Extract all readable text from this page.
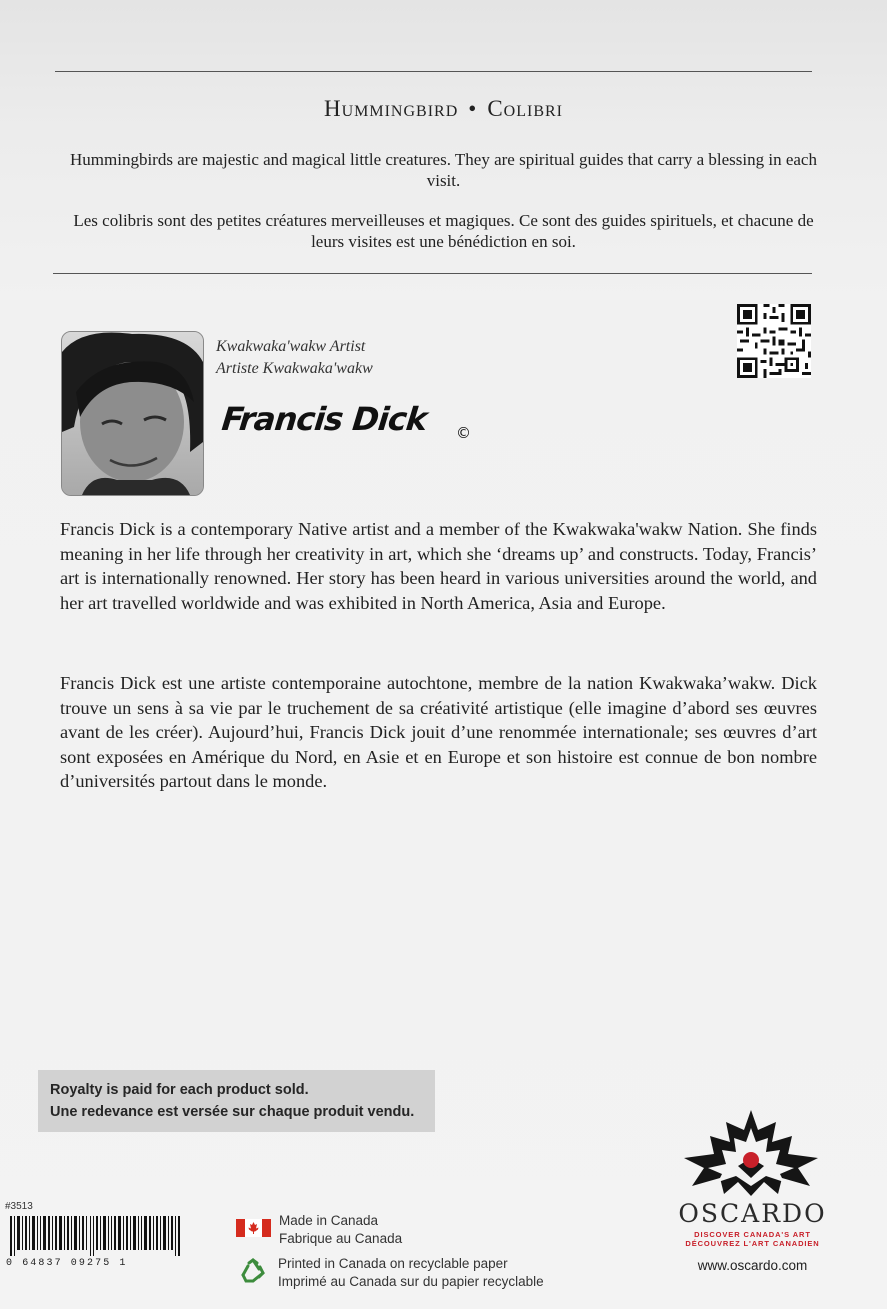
Hummingbird • Colibri
Hummingbirds are majestic and magical little creatures. They are spiritual guides that carry a blessing in each visit.
Les colibris sont des petites créatures merveilleuses et magiques. Ce sont des guides spirituels, et chacune de leurs visites est une bénédiction en soi.
Kwakwaka'wakw Artist
Artiste Kwakwaka'wakw
Francis Dick ©
Francis Dick is a contemporary Native artist and a member of the Kwakwaka'wakw Nation. She finds meaning in her life through her creativity in art, which she ‘dreams up’ and constructs. Today, Francis’ art is internationally renowned. Her story has been heard in various universities around the world, and her art travelled worldwide and was exhibited in North America, Asia and Europe.
Francis Dick est une artiste contemporaine autochtone, membre de la nation Kwakwaka’wakw. Dick trouve un sens à sa vie par le truchement de sa créativité artistique (elle imagine d’abord ses œuvres avant de les créer). Aujourd’hui, Francis Dick jouit d’une renommée internationale; ses œuvres d’art sont exposées en Amérique du Nord, en Asie et en Europe et son histoire est connue de bon nombre d’universités partout dans le monde.
Royalty is paid for each product sold.
Une redevance est versée sur chaque produit vendu.
#3513
0 64837 09275 1
Made in Canada
Fabrique au Canada
Printed in Canada on recyclable paper
Imprimé au Canada sur du papier recyclable
OSCARDO
DISCOVER CANADA'S ART
DÉCOUVREZ L'ART CANADIEN
www.oscardo.com
